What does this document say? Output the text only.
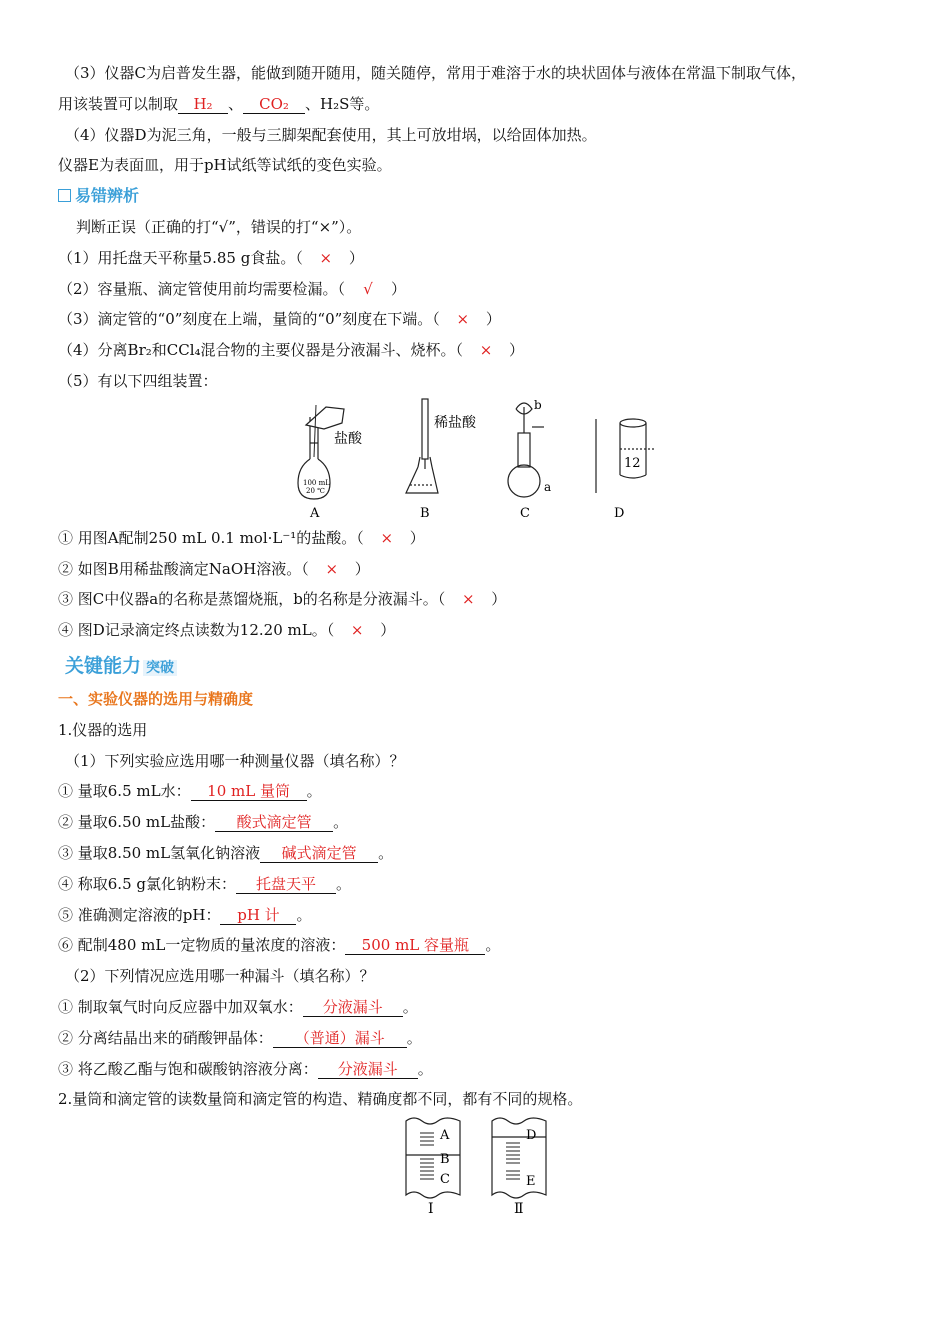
（3）仪器C为启普发生器，能做到随开随用，随关随停，常用于难溶于水的块状固体与液体在常温下制取气体，
用该装置可以制取 H₂ 、 CO₂ 、H₂S等。
（4）仪器D为泥三角，一般与三脚架配套使用，其上可放坩埚，以给固体加热。
仪器E为表面皿，用于pH试纸等试纸的变色实验。
易错辨析
判断正误（正确的打“√”，错误的打“×”）。
（1）用托盘天平称量5.85 g食盐。（ × ）
（2）容量瓶、滴定管使用前均需要检漏。（ √ ）
（3）滴定管的“0”刻度在上端，量筒的“0”刻度在下端。（ × ）
（4）分离Br₂和CCl₄混合物的主要仪器是分液漏斗、烧杯。（ × ）
（5）有以下四组装置：
盐酸
100 mL
20 ℃
稀盐酸
a
b
12
A	B	C	D
① 用图A配制250 mL 0.1 mol·L⁻¹的盐酸。（ × ）
② 如图B用稀盐酸滴定NaOH溶液。（ × ）
③ 图C中仪器a的名称是蒸馏烧瓶，b的名称是分液漏斗。（ × ）
④ 图D记录滴定终点读数为12.20 mL。（ × ）
关键能力 突破
一、实验仪器的选用与精确度
1.仪器的选用
（1）下列实验应选用哪一种测量仪器（填名称）？
① 量取6.5 mL水： 10 mL 量筒 。
② 量取6.50 mL盐酸： 酸式滴定管 。
③ 量取8.50 mL氢氧化钠溶液 碱式滴定管 。
④ 称取6.5 g氯化钠粉末： 托盘天平 。
⑤ 准确测定溶液的pH： pH 计 。
⑥ 配制480 mL一定物质的量浓度的溶液： 500 mL 容量瓶 。
（2）下列情况应选用哪一种漏斗（填名称）？
① 制取氧气时向反应器中加双氧水： 分液漏斗 。
② 分离结晶出来的硝酸钾晶体： （普通）漏斗 。
③ 将乙酸乙酯与饱和碳酸钠溶液分离： 分液漏斗 。
2.量筒和滴定管的读数量筒和滴定管的构造、精确度都不同，都有不同的规格。
A
B
C
D
E
Ⅰ	Ⅱ
